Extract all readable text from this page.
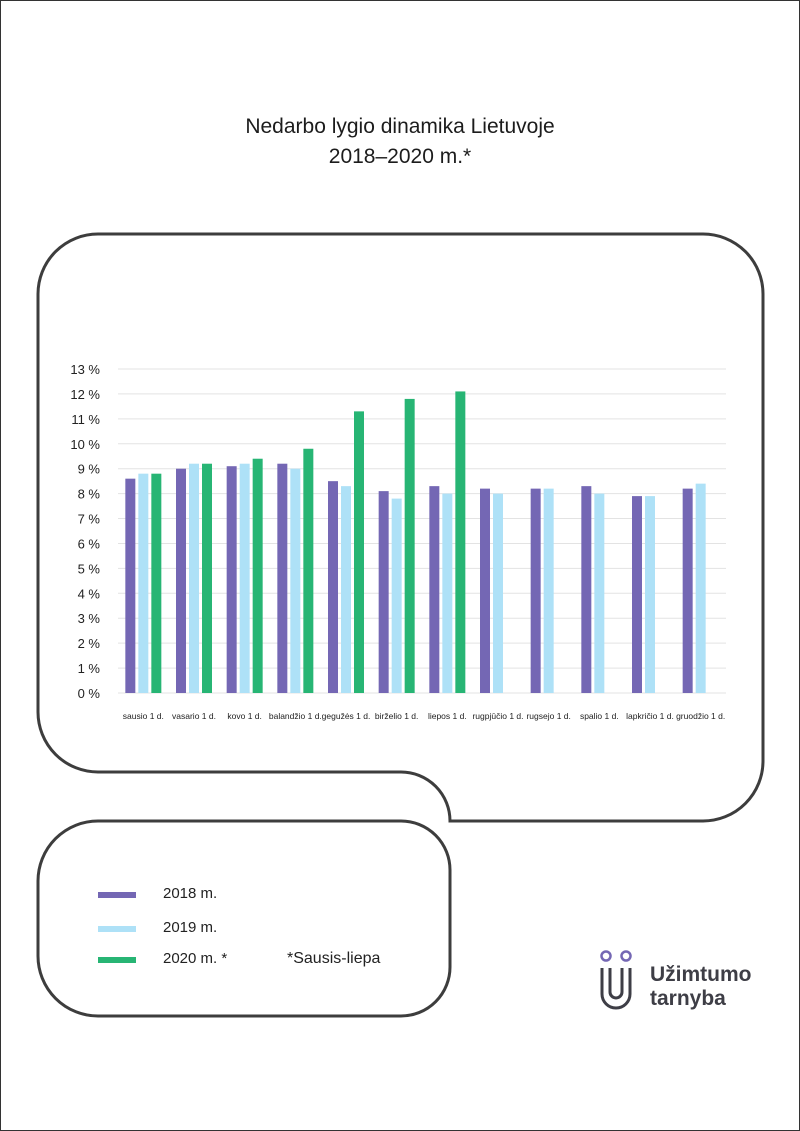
Nedarbo lygio dinamika Lietuvoje
2018–2020 m.*
0 %
1 %
2 %
3 %
4 %
5 %
6 %
7 %
8 %
9 %
10 %
11 %
12 %
13 %
sausio 1 d. vasario 1 d. kovo 1 d. balandžio 1 d. gegužės 1 d. birželio 1 d. liepos 1 d. rugpjūčio 1 d. rugsejo 1 d. spalio 1 d. lapkričio 1 d. gruodžio 1 d.
2018 m.
2019 m.
2020 m. *	*Sausis-liepa
Užimtumo
tarnyba
